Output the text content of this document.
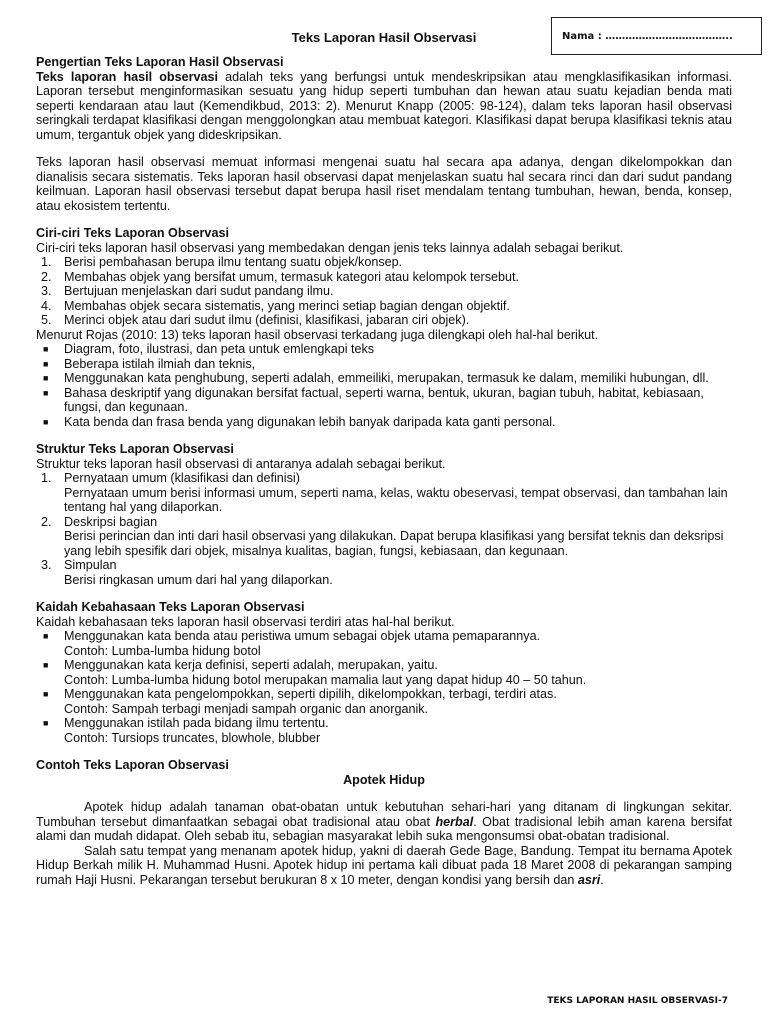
Teks Laporan Hasil Observasi	Nama : ………………………………..

Pengertian Teks Laporan Hasil Observasi

Teks laporan hasil observasi adalah teks yang berfungsi untuk mendeskripsikan atau mengklasifikasikan informasi. Laporan tersebut menginformasikan sesuatu yang hidup seperti tumbuhan dan hewan atau suatu kejadian benda mati seperti kendaraan atau laut (Kemendikbud, 2013: 2). Menurut Knapp (2005: 98-124), dalam teks laporan hasil observasi seringkali terdapat klasifikasi dengan menggolongkan atau membuat kategori. Klasifikasi dapat berupa klasifikasi teknis atau umum, tergantuk objek yang dideskripsikan.

Teks laporan hasil observasi memuat informasi mengenai suatu hal secara apa adanya, dengan dikelompokkan dan dianalisis secara sistematis. Teks laporan hasil observasi dapat menjelaskan suatu hal secara rinci dan dari sudut pandang keilmuan. Laporan hasil observasi tersebut dapat berupa hasil riset mendalam tentang tumbuhan, hewan, benda, konsep, atau ekosistem tertentu.

Ciri-ciri Teks Laporan Observasi

Ciri-ciri teks laporan hasil observasi yang membedakan dengan jenis teks lainnya adalah sebagai berikut.

1. Berisi pembahasan berupa ilmu tentang suatu objek/konsep.
2. Membahas objek yang bersifat umum, termasuk kategori atau kelompok tersebut.
3. Bertujuan menjelaskan dari sudut pandang ilmu.
4. Membahas objek secara sistematis, yang merinci setiap bagian dengan objektif.
5. Merinci objek atau dari sudut ilmu (definisi, klasifikasi, jabaran ciri objek).

Menurut Rojas (2010: 13) teks laporan hasil observasi terkadang juga dilengkapi oleh hal-hal berikut.

■ Diagram, foto, ilustrasi, dan peta untuk emlengkapi teks
■ Beberapa istilah ilmiah dan teknis,
■ Menggunakan kata penghubung, seperti adalah, emmeiliki, merupakan, termasuk ke dalam, memiliki hubungan, dll.
■ Bahasa deskriptif yang digunakan bersifat factual, seperti warna, bentuk, ukuran, bagian tubuh, habitat, kebiasaan, fungsi, dan kegunaan.
■ Kata benda dan frasa benda yang digunakan lebih banyak daripada kata ganti personal.

Struktur Teks Laporan Observasi

Struktur teks laporan hasil observasi di antaranya adalah sebagai berikut.

1. Pernyataan umum (klasifikasi dan definisi)
Pernyataan umum berisi informasi umum, seperti nama, kelas, waktu obeservasi, tempat observasi, dan tambahan lain tentang hal yang dilaporkan.
2. Deskripsi bagian
Berisi perincian dan inti dari hasil observasi yang dilakukan. Dapat berupa klasifikasi yang bersifat teknis dan deksripsi yang lebih spesifik dari objek, misalnya kualitas, bagian, fungsi, kebiasaan, dan kegunaan.
3. Simpulan
Berisi ringkasan umum dari hal yang dilaporkan.

Kaidah Kebahasaan Teks Laporan Observasi

Kaidah kebahasaan teks laporan hasil observasi terdiri atas hal-hal berikut.

■ Menggunakan kata benda atau peristiwa umum sebagai objek utama pemaparannya.
Contoh: Lumba-lumba hidung botol
■ Menggunakan kata kerja definisi, seperti adalah, merupakan, yaitu.
Contoh: Lumba-lumba hidung botol merupakan mamalia laut yang dapat hidup 40 – 50 tahun.
■ Menggunakan kata pengelompokkan, seperti dipilih, dikelompokkan, terbagi, terdiri atas.
Contoh: Sampah terbagi menjadi sampah organic dan anorganik.
■ Menggunakan istilah pada bidang ilmu tertentu.
Contoh: Tursiops truncates, blowhole, blubber

Contoh Teks Laporan Observasi

Apotek Hidup

Apotek hidup adalah tanaman obat-obatan untuk kebutuhan sehari-hari yang ditanam di lingkungan sekitar. Tumbuhan tersebut dimanfaatkan sebagai obat tradisional atau obat herbal. Obat tradisional lebih aman karena bersifat alami dan mudah didapat. Oleh sebab itu, sebagian masyarakat lebih suka mengonsumsi obat-obatan tradisional.

Salah satu tempat yang menanam apotek hidup, yakni di daerah Gede Bage, Bandung. Tempat itu bernama Apotek Hidup Berkah milik H. Muhammad Husni. Apotek hidup ini pertama kali dibuat pada 18 Maret 2008 di pekarangan samping rumah Haji Husni. Pekarangan tersebut berukuran 8 x 10 meter, dengan kondisi yang bersih dan asri.

TEKS LAPORAN HASIL OBSERVASI-7
